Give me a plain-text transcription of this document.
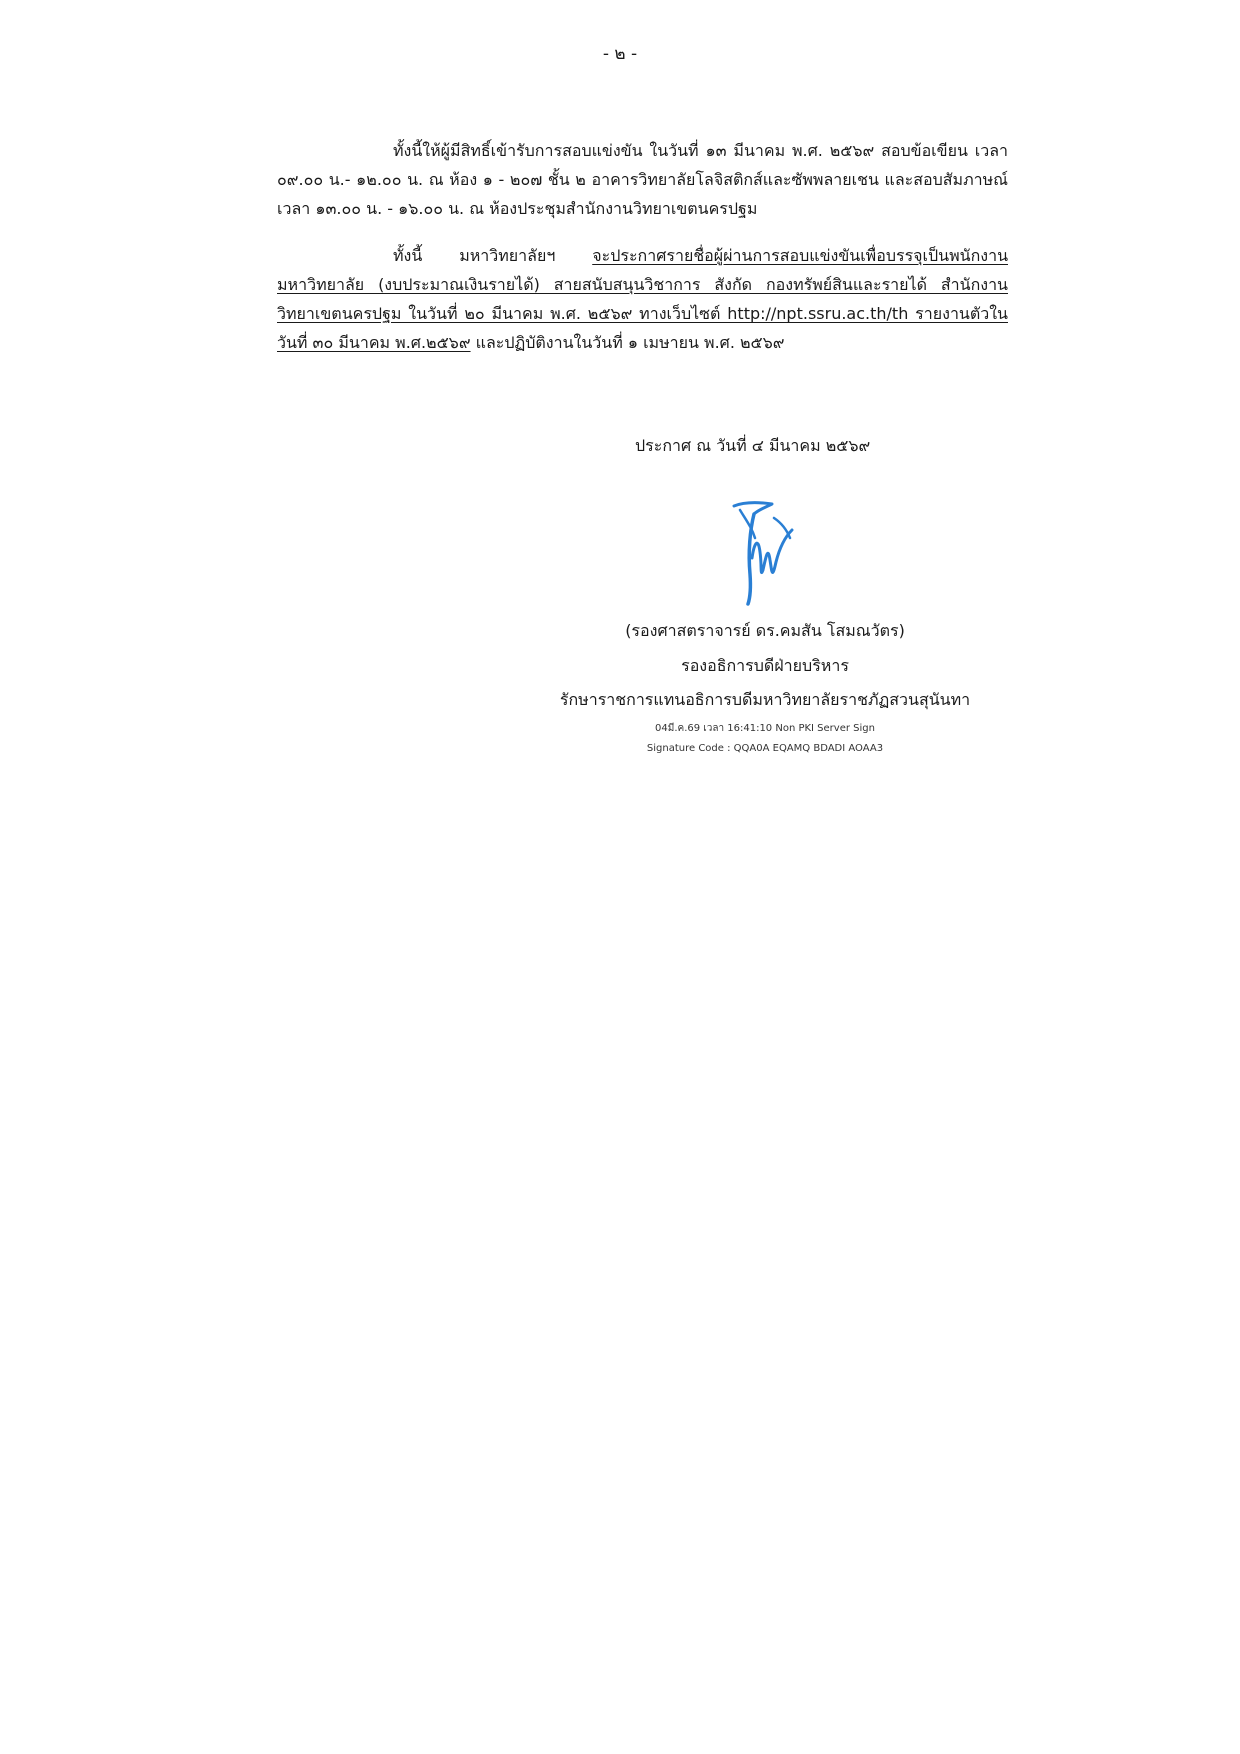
- ๒ -
ทั้งนี้ให้ผู้มีสิทธิ์เข้ารับการสอบแข่งขัน ในวันที่ ๑๓ มีนาคม พ.ศ. ๒๕๖๙ สอบข้อเขียน เวลา ๐๙.๐๐ น.- ๑๒.๐๐ น. ณ ห้อง ๑ - ๒๐๗ ชั้น ๒ อาคารวิทยาลัยโลจิสติกส์และซัพพลายเชน และสอบสัมภาษณ์ เวลา ๑๓.๐๐ น. - ๑๖.๐๐ น. ณ ห้องประชุมสำนักงานวิทยาเขตนครปฐม
ทั้งนี้ มหาวิทยาลัยฯ จะประกาศรายชื่อผู้ผ่านการสอบแข่งขันเพื่อบรรจุเป็นพนักงานมหาวิทยาลัย (งบประมาณเงินรายได้) สายสนับสนุนวิชาการ สังกัด กองทรัพย์สินและรายได้ สำนักงานวิทยาเขตนครปฐม ในวันที่ ๒๐ มีนาคม พ.ศ. ๒๕๖๙ ทางเว็บไซต์ http://npt.ssru.ac.th/th รายงานตัวในวันที่ ๓๐ มีนาคม พ.ศ.๒๕๖๙ และปฏิบัติงานในวันที่ ๑ เมษายน พ.ศ. ๒๕๖๙
ประกาศ ณ วันที่ ๔ มีนาคม ๒๕๖๙
(รองศาสตราจารย์ ดร.คมสัน โสมณวัตร)
รองอธิการบดีฝ่ายบริหาร
รักษาราชการแทนอธิการบดีมหาวิทยาลัยราชภัฏสวนสุนันทา
04มี.ค.69 เวลา 16:41:10 Non PKI Server Sign
Signature Code : QQA0A EQAMQ BDADI AOAA3
